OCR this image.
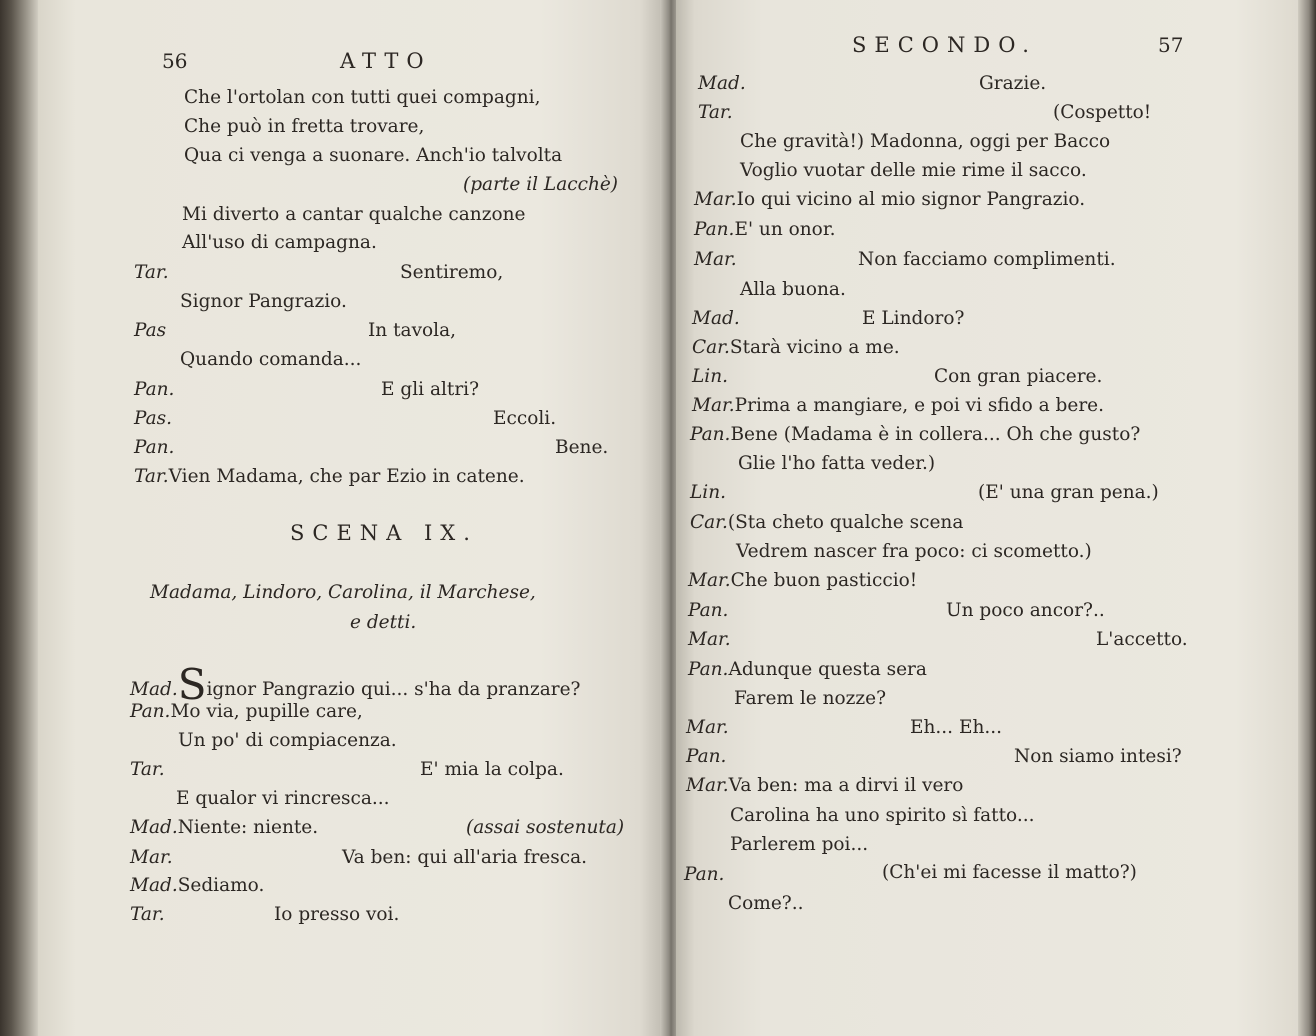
56	ATTO
Che l'ortolan con tutti quei compagni,
Che può in fretta trovare,
Qua ci venga a suonare. Anch'io talvolta
(parte il Lacchè)
Mi diverto a cantar qualche canzone
All'uso di campagna.
Tar.	Sentiremo,
Signor Pangrazio.
Pas	In tavola,
Quando comanda...
Pan.	E gli altri?
Pas.	Eccoli.
Pan.	Bene.
Tar.Vien Madama, che par Ezio in catene.
SCENA IX.
Madama, Lindoro, Carolina, il Marchese,
e detti.
Mad.Signor Pangrazio qui... s'ha da pranzare?
Pan.Mo via, pupille care,
Un po' di compiacenza.
Tar.	E' mia la colpa.
E qualor vi rincresca...
Mad.Niente: niente.	(assai sostenuta)
Mar.	Va ben: qui all'aria fresca.
Mad.Sediamo.
Tar.	Io presso voi.
SECONDO.	57
Mad.	Grazie.
Tar.	(Cospetto!
Che gravità!) Madonna, oggi per Bacco
Voglio vuotar delle mie rime il sacco.
Mar.Io qui vicino al mio signor Pangrazio.
Pan.E' un onor.
Mar.	Non facciamo complimenti.
Alla buona.
Mad.	E Lindoro?
Car.Starà vicino a me.
Lin.	Con gran piacere.
Mar.Prima a mangiare, e poi vi sfido a bere.
Pan.Bene (Madama è in collera... Oh che gusto?
Glie l'ho fatta veder.)
Lin.	(E' una gran pena.)
Car.(Sta cheto qualche scena
Vedrem nascer fra poco: ci scometto.)
Mar.Che buon pasticcio!
Pan.	Un poco ancor?..
Mar.	L'accetto.
Pan.Adunque questa sera
Farem le nozze?
Mar.	Eh... Eh...
Pan.	Non siamo intesi?
Mar.Va ben: ma a dirvi il vero
Carolina ha uno spirito sì fatto...
Parlerem poi...
Pan.	(Ch'ei mi facesse il matto?)
Come?..
